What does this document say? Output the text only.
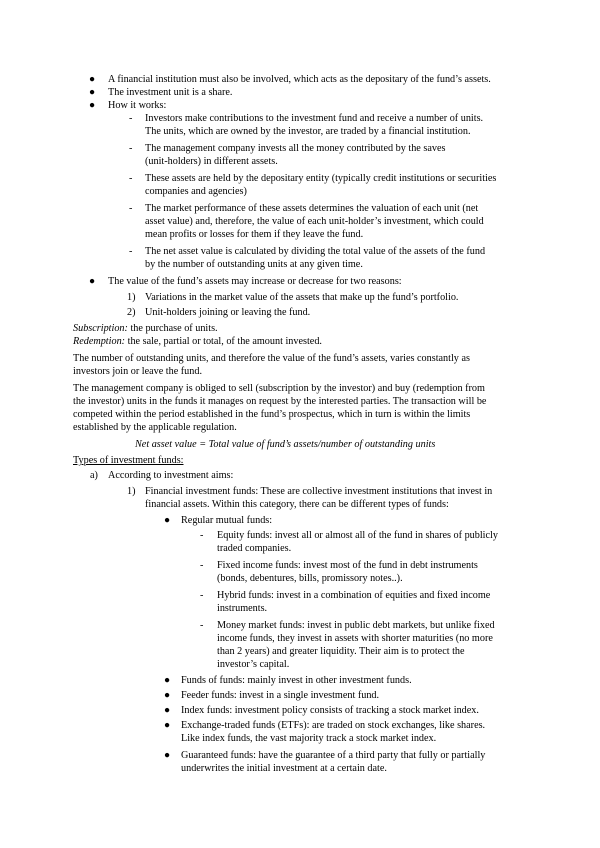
● A financial institution must also be involved, which acts as the depositary of the fund’s assets.
● The investment unit is a share.
● How it works:
- Investors make contributions to the investment fund and receive a number of units.
The units, which are owned by the investor, are traded by a financial institution.
- The management company invests all the money contributed by the saves
(unit-holders) in different assets.
- These assets are held by the depositary entity (typically credit institutions or securities
companies and agencies)
- The market performance of these assets determines the valuation of each unit (net
asset value) and, therefore, the value of each unit-holder’s investment, which could
mean profits or losses for them if they leave the fund.
- The net asset value is calculated by dividing the total value of the assets of the fund
by the number of outstanding units at any given time.
● The value of the fund’s assets may increase or decrease for two reasons:
1) Variations in the market value of the assets that make up the fund’s portfolio.
2) Unit-holders joining or leaving the fund.
Subscription: the purchase of units.
Redemption: the sale, partial or total, of the amount invested.
The number of outstanding units, and therefore the value of the fund’s assets, varies constantly as
investors join or leave the fund.
The management company is obliged to sell (subscription by the investor) and buy (redemption from
the investor) units in the funds it manages on request by the interested parties. The transaction will be
competed within the period established in the fund’s prospectus, which in turn is within the limits
established by the applicable regulation.
Net asset value = Total value of fund’s assets/number of outstanding units
Types of investment funds:
a) According to investment aims:
1) Financial investment funds: These are collective investment institutions that invest in
financial assets. Within this category, there can be different types of funds:
● Regular mutual funds:
- Equity funds: invest all or almost all of the fund in shares of publicly
traded companies.
- Fixed income funds: invest most of the fund in debt instruments
(bonds, debentures, bills, promissory notes..).
- Hybrid funds: invest in a combination of equities and fixed income
instruments.
- Money market funds: invest in public debt markets, but unlike fixed
income funds, they invest in assets with shorter maturities (no more
than 2 years) and greater liquidity. Their aim is to protect the
investor’s capital.
● Funds of funds: mainly invest in other investment funds.
● Feeder funds: invest in a single investment fund.
● Index funds: investment policy consists of tracking a stock market index.
● Exchange-traded funds (ETFs): are traded on stock exchanges, like shares.
Like index funds, the vast majority track a stock market index.
● Guaranteed funds: have the guarantee of a third party that fully or partially
underwrites the initial investment at a certain date.
